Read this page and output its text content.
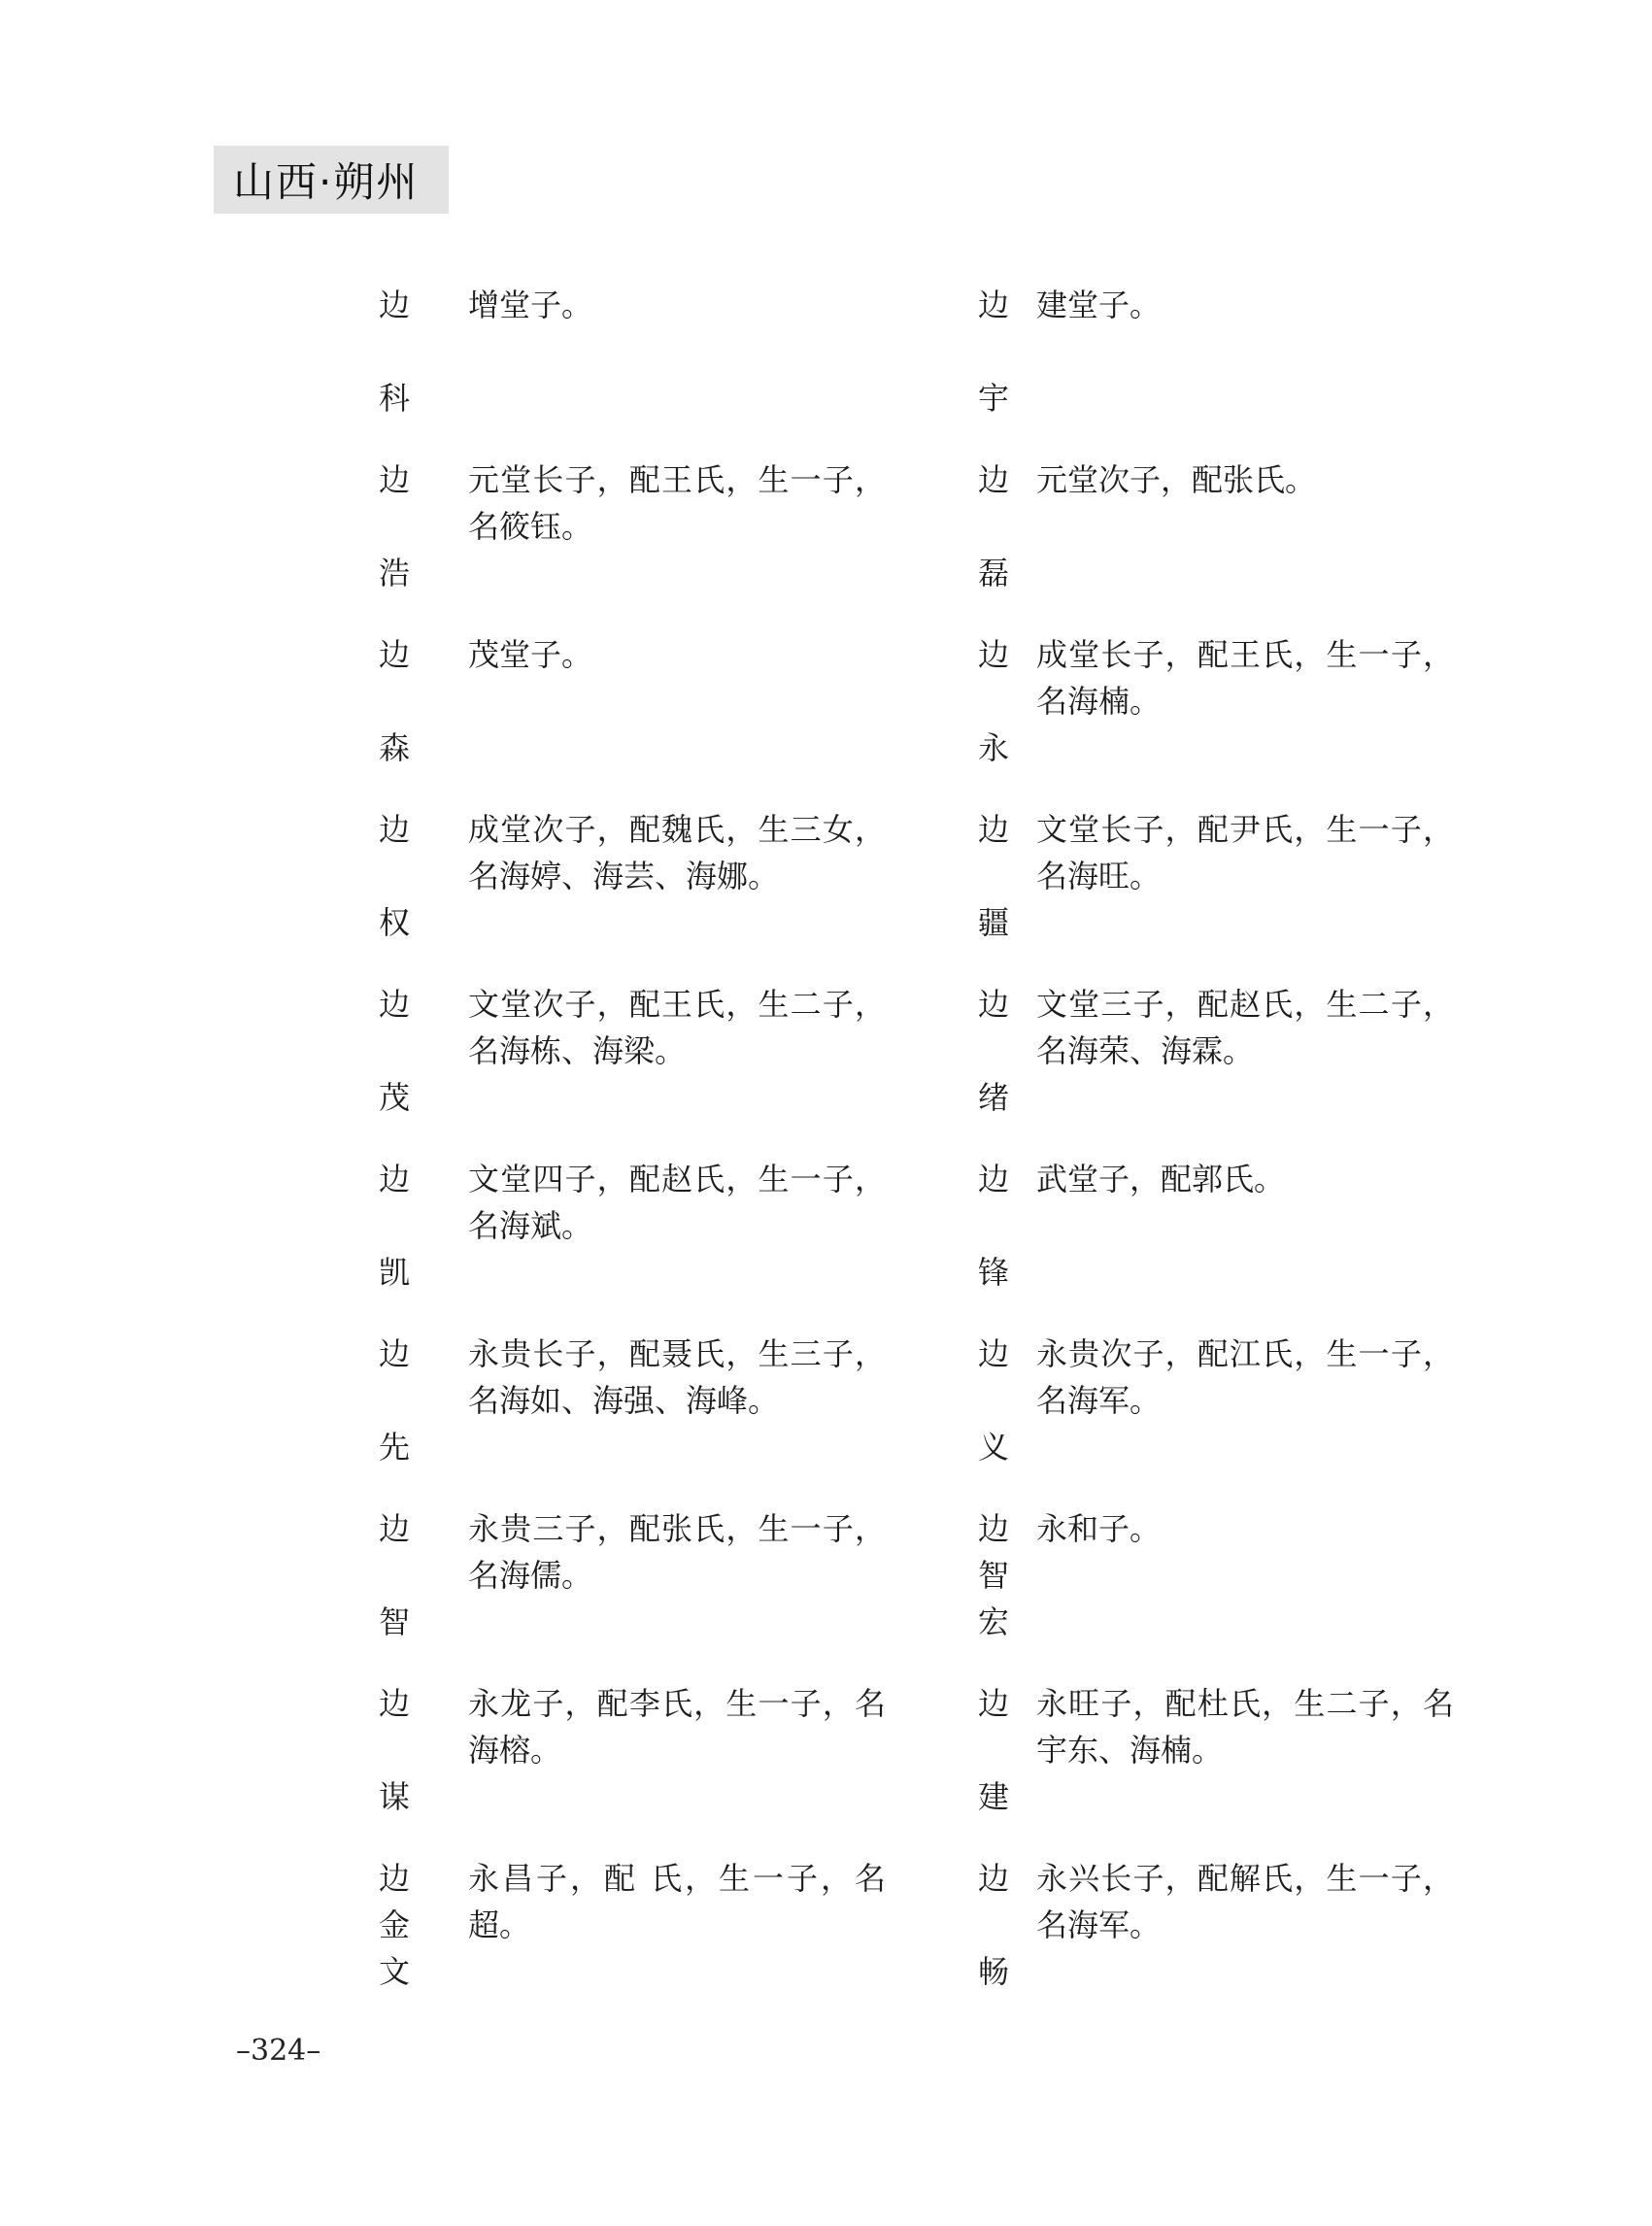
山西·朔州
边

科
增堂子。
边

浩
元堂长子，配王氏，生一子，名筱钰。
边

森
茂堂子。
边

权
成堂次子，配魏氏，生三女，名海婷、海芸、海娜。
边

茂
文堂次子，配王氏，生二子，名海栋、海梁。
边

凯
文堂四子，配赵氏，生一子，名海斌。
边

先
永贵长子，配聂氏，生三子，名海如、海强、海峰。
边

智
永贵三子，配张氏，生一子，名海儒。
边

谋
永龙子，配李氏，生一子，名海榕。
边
金
文
永昌子，配 氏，生一子，名超。
边

宇
建堂子。
边

磊
元堂次子，配张氏。
边

永
成堂长子，配王氏，生一子，名海楠。
边

疆
文堂长子，配尹氏，生一子，名海旺。
边

绪
文堂三子，配赵氏，生二子，名海荣、海霖。
边

锋
武堂子，配郭氏。
边

义
永贵次子，配江氏，生一子，名海军。
边
智
宏
永和子。
边

建
永旺子，配杜氏，生二子，名宇东、海楠。
边

畅
永兴长子，配解氏，生一子，名海军。
–324–
